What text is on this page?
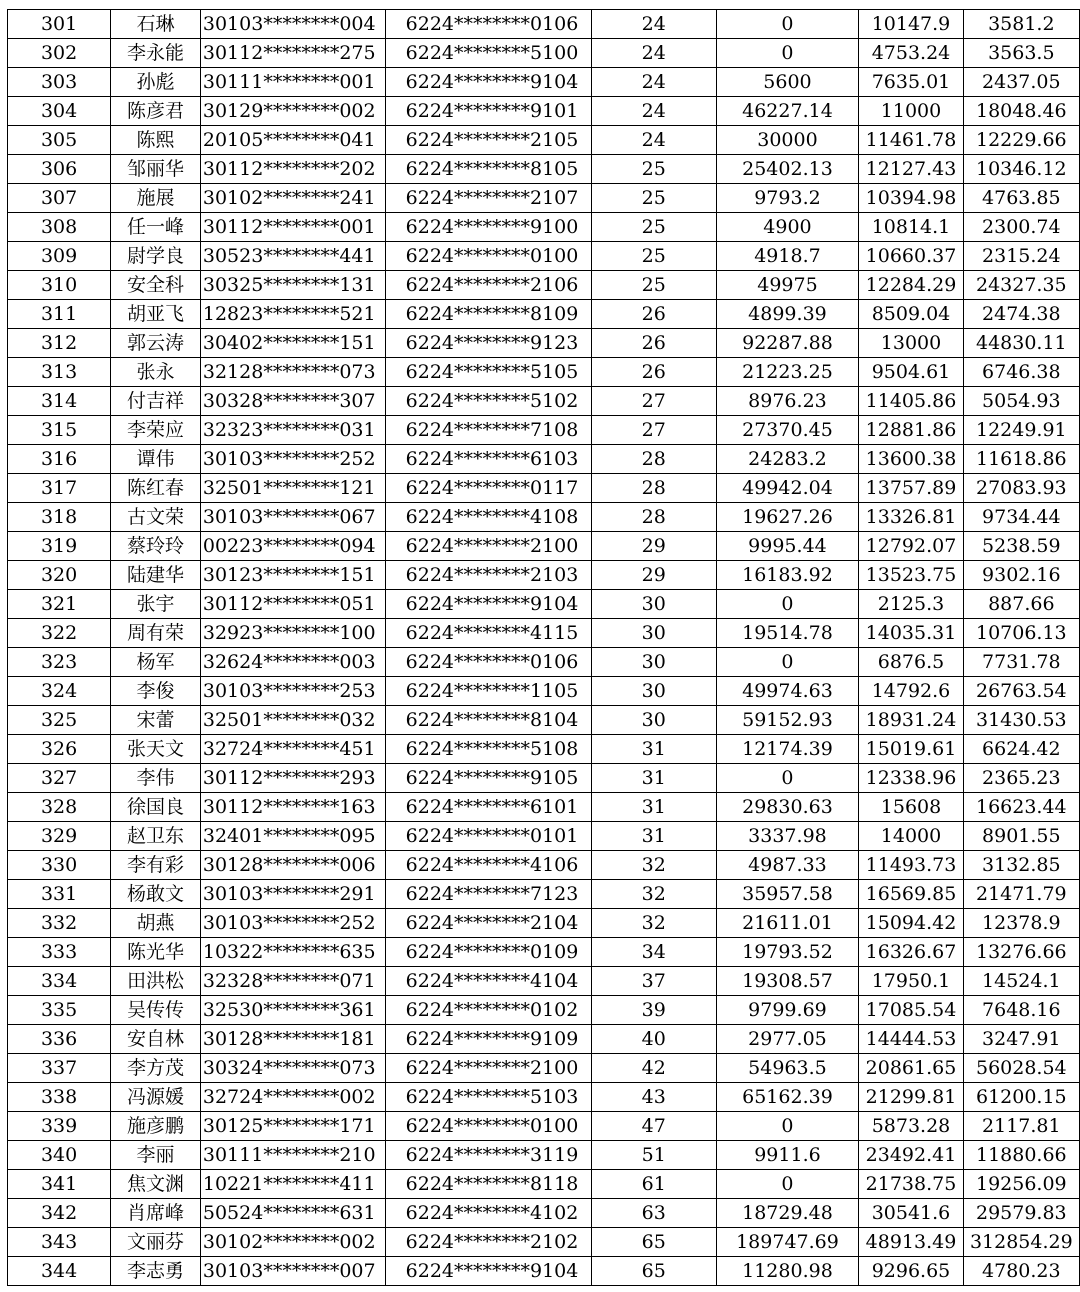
301	石琳	30103********004	6224********0106	24	0	10147.9	3581.2
302	李永能	30112********275	6224********5100	24	0	4753.24	3563.5
303	孙彪	30111********001	6224********9104	24	5600	7635.01	2437.05
304	陈彦君	30129********002	6224********9101	24	46227.14	11000	18048.46
305	陈熙	20105********041	6224********2105	24	30000	11461.78	12229.66
306	邹丽华	30112********202	6224********8105	25	25402.13	12127.43	10346.12
307	施展	30102********241	6224********2107	25	9793.2	10394.98	4763.85
308	任一峰	30112********001	6224********9100	25	4900	10814.1	2300.74
309	尉学良	30523********441	6224********0100	25	4918.7	10660.37	2315.24
310	安全科	30325********131	6224********2106	25	49975	12284.29	24327.35
311	胡亚飞	12823********521	6224********8109	26	4899.39	8509.04	2474.38
312	郭云涛	30402********151	6224********9123	26	92287.88	13000	44830.11
313	张永	32128********073	6224********5105	26	21223.25	9504.61	6746.38
314	付吉祥	30328********307	6224********5102	27	8976.23	11405.86	5054.93
315	李荣应	32323********031	6224********7108	27	27370.45	12881.86	12249.91
316	谭伟	30103********252	6224********6103	28	24283.2	13600.38	11618.86
317	陈红春	32501********121	6224********0117	28	49942.04	13757.89	27083.93
318	古文荣	30103********067	6224********4108	28	19627.26	13326.81	9734.44
319	蔡玲玲	00223********094	6224********2100	29	9995.44	12792.07	5238.59
320	陆建华	30123********151	6224********2103	29	16183.92	13523.75	9302.16
321	张宇	30112********051	6224********9104	30	0	2125.3	887.66
322	周有荣	32923********100	6224********4115	30	19514.78	14035.31	10706.13
323	杨军	32624********003	6224********0106	30	0	6876.5	7731.78
324	李俊	30103********253	6224********1105	30	49974.63	14792.6	26763.54
325	宋蕾	32501********032	6224********8104	30	59152.93	18931.24	31430.53
326	张天文	32724********451	6224********5108	31	12174.39	15019.61	6624.42
327	李伟	30112********293	6224********9105	31	0	12338.96	2365.23
328	徐国良	30112********163	6224********6101	31	29830.63	15608	16623.44
329	赵卫东	32401********095	6224********0101	31	3337.98	14000	8901.55
330	李有彩	30128********006	6224********4106	32	4987.33	11493.73	3132.85
331	杨敢文	30103********291	6224********7123	32	35957.58	16569.85	21471.79
332	胡燕	30103********252	6224********2104	32	21611.01	15094.42	12378.9
333	陈光华	10322********635	6224********0109	34	19793.52	16326.67	13276.66
334	田洪松	32328********071	6224********4104	37	19308.57	17950.1	14524.1
335	吴传传	32530********361	6224********0102	39	9799.69	17085.54	7648.16
336	安自林	30128********181	6224********9109	40	2977.05	14444.53	3247.91
337	李方茂	30324********073	6224********2100	42	54963.5	20861.65	56028.54
338	冯源媛	32724********002	6224********5103	43	65162.39	21299.81	61200.15
339	施彦鹏	30125********171	6224********0100	47	0	5873.28	2117.81
340	李丽	30111********210	6224********3119	51	9911.6	23492.41	11880.66
341	焦文渊	10221********411	6224********8118	61	0	21738.75	19256.09
342	肖席峰	50524********631	6224********4102	63	18729.48	30541.6	29579.83
343	文丽芬	30102********002	6224********2102	65	189747.69	48913.49	312854.29
344	李志勇	30103********007	6224********9104	65	11280.98	9296.65	4780.23
